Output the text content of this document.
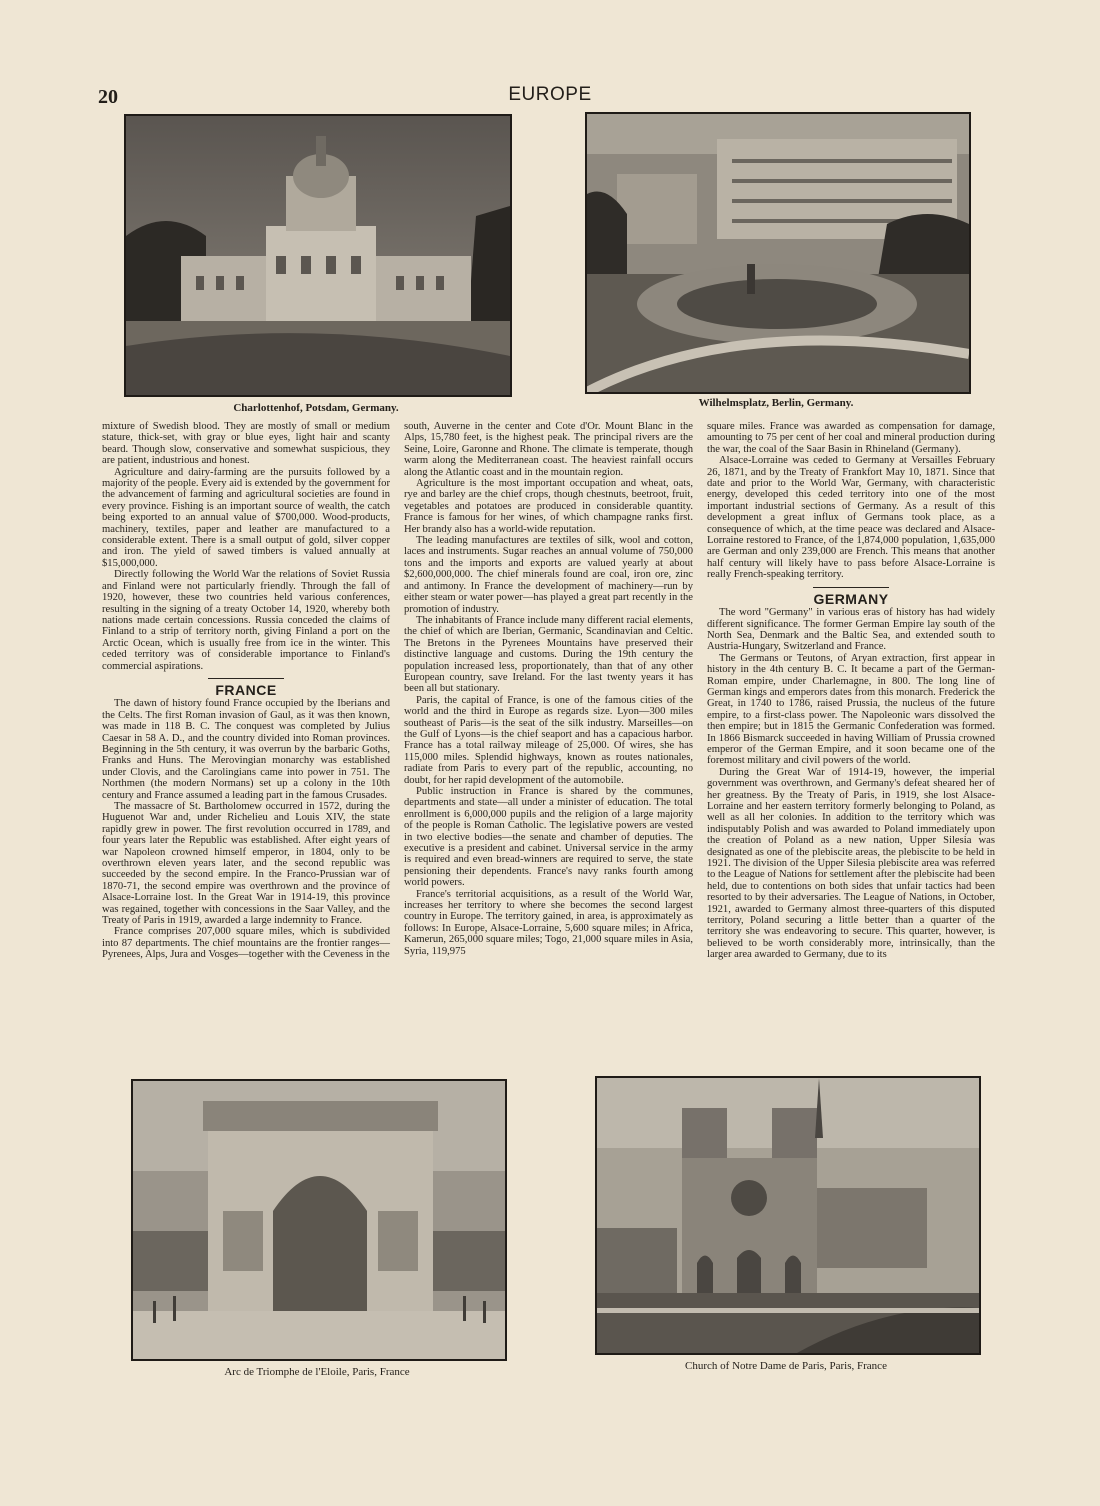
20	EUROPE
Charlottenhof, Potsdam, Germany.	Wilhelmsplatz, Berlin, Germany.

mixture of Swedish blood. They are mostly of small or medium stature, thick-set, with gray or blue eyes, light hair and scanty beard. Though slow, conservative and somewhat suspicious, they are patient, industrious and honest.

Agriculture and dairy-farming are the pursuits followed by a majority of the people. Every aid is extended by the government for the advancement of farming and agricultural societies are found in every province. Fishing is an important source of wealth, the catch being exported to an annual value of $700,000. Wood-products, machinery, textiles, paper and leather are manufactured to a considerable extent. There is a small output of gold, silver copper and iron. The yield of sawed timbers is valued annually at $15,000,000.

Directly following the World War the relations of Soviet Russia and Finland were not particularly friendly. Through the fall of 1920, however, these two countries held various conferences, resulting in the signing of a treaty October 14, 1920, whereby both nations made certain concessions. Russia conceded the claims of Finland to a strip of territory north, giving Finland a port on the Arctic Ocean, which is usually free from ice in the winter. This ceded territory was of considerable importance to Finland's commercial aspirations.

FRANCE

The dawn of history found France occupied by the Iberians and the Celts. The first Roman invasion of Gaul, as it was then known, was made in 118 B. C. The conquest was completed by Julius Caesar in 58 A. D., and the country divided into Roman provinces. Beginning in the 5th century, it was overrun by the barbaric Goths, Franks and Huns. The Merovingian monarchy was established under Clovis, and the Carolingians came into power in 751. The Northmen (the modern Normans) set up a colony in the 10th century and France assumed a leading part in the famous Crusades.

The massacre of St. Bartholomew occurred in 1572, during the Huguenot War and, under Richelieu and Louis XIV, the state rapidly grew in power. The first revolution occurred in 1789, and four years later the Republic was established. After eight years of war Napoleon crowned himself emperor, in 1804, only to be overthrown eleven years later, and the second republic was succeeded by the second empire. In the Franco-Prussian war of 1870-71, the second empire was overthrown and the province of Alsace-Lorraine lost. In the Great War in 1914-19, this province was regained, together with concessions in the Saar Valley, and the Treaty of Paris in 1919, awarded a large indemnity to France.

France comprises 207,000 square miles, which is subdivided into 87 departments. The chief mountains are the frontier ranges—Pyrenees, Alps, Jura and Vosges—together with the Ceveness in the

south, Auverne in the center and Cote d'Or. Mount Blanc in the Alps, 15,780 feet, is the highest peak. The principal rivers are the Seine, Loire, Garonne and Rhone. The climate is temperate, though warm along the Mediterranean coast. The heaviest rainfall occurs along the Atlantic coast and in the mountain region.

Agriculture is the most important occupation and wheat, oats, rye and barley are the chief crops, though chestnuts, beetroot, fruit, vegetables and potatoes are produced in considerable quantity. France is famous for her wines, of which champagne ranks first. Her brandy also has a world-wide reputation.

The leading manufactures are textiles of silk, wool and cotton, laces and instruments. Sugar reaches an annual volume of 750,000 tons and the imports and exports are valued yearly at about $2,600,000,000. The chief minerals found are coal, iron ore, zinc and antimony. In France the development of machinery—run by either steam or water power—has played a great part recently in the promotion of industry.

The inhabitants of France include many different racial elements, the chief of which are Iberian, Germanic, Scandinavian and Celtic. The Bretons in the Pyrenees Mountains have preserved their distinctive language and customs. During the 19th century the population increased less, proportionately, than that of any other European country, save Ireland. For the last twenty years it has been all but stationary.

Paris, the capital of France, is one of the famous cities of the world and the third in Europe as regards size. Lyon—300 miles southeast of Paris—is the seat of the silk industry. Marseilles—on the Gulf of Lyons—is the chief seaport and has a capacious harbor. France has a total railway mileage of 25,000. Of wires, she has 115,000 miles. Splendid highways, known as routes nationales, radiate from Paris to every part of the republic, accounting, no doubt, for her rapid development of the automobile.

Public instruction in France is shared by the communes, departments and state—all under a minister of education. The total enrollment is 6,000,000 pupils and the religion of a large majority of the people is Roman Catholic. The legislative powers are vested in two elective bodies—the senate and chamber of deputies. The executive is a president and cabinet. Universal service in the army is required and even bread-winners are required to serve, the state pensioning their dependents. France's navy ranks fourth among world powers.

France's territorial acquisitions, as a result of the World War, increases her territory to where she becomes the second largest country in Europe. The territory gained, in area, is approximately as follows: In Europe, Alsace-Lorraine, 5,600 square miles; in Africa, Kamerun, 265,000 square miles; Togo, 21,000 square miles in Asia, Syria, 119,975

square miles. France was awarded as compensation for damage, amounting to 75 per cent of her coal and mineral production during the war, the coal of the Saar Basin in Rhineland (Germany).

Alsace-Lorraine was ceded to Germany at Versailles February 26, 1871, and by the Treaty of Frankfort May 10, 1871. Since that date and prior to the World War, Germany, with characteristic energy, developed this ceded territory into one of the most important industrial sections of Germany. As a result of this development a great influx of Germans took place, as a consequence of which, at the time peace was declared and Alsace-Lorraine restored to France, of the 1,874,000 population, 1,635,000 are German and only 239,000 are French. This means that another half century will likely have to pass before Alsace-Lorraine is really French-speaking territory.

GERMANY

The word "Germany" in various eras of history has had widely different significance. The former German Empire lay south of the North Sea, Denmark and the Baltic Sea, and extended south to Austria-Hungary, Switzerland and France.

The Germans or Teutons, of Aryan extraction, first appear in history in the 4th century B. C. It became a part of the German-Roman empire, under Charlemagne, in 800. The long line of German kings and emperors dates from this monarch. Frederick the Great, in 1740 to 1786, raised Prussia, the nucleus of the future empire, to a first-class power. The Napoleonic wars dissolved the then empire; but in 1815 the Germanic Confederation was formed. In 1866 Bismarck succeeded in having William of Prussia crowned emperor of the German Empire, and it soon became one of the foremost military and civil powers of the world.

During the Great War of 1914-19, however, the imperial government was overthrown, and Germany's defeat sheared her of her greatness. By the Treaty of Paris, in 1919, she lost Alsace-Lorraine and her eastern territory formerly belonging to Poland, as well as all her colonies. In addition to the territory which was indisputably Polish and was awarded to Poland immediately upon the creation of Poland as a new nation, Upper Silesia was designated as one of the plebiscite areas, the plebiscite to be held in 1921. The division of the Upper Silesia plebiscite area was referred to the League of Nations for settlement after the plebiscite had been held, due to contentions on both sides that unfair tactics had been resorted to by their adversaries. The League of Nations, in October, 1921, awarded to Germany almost three-quarters of this disputed territory, Poland securing a little better than a quarter of the territory she was endeavoring to secure. This quarter, however, is believed to be worth considerably more, intrinsically, than the larger area awarded to Germany, due to its

Arc de Triomphe de l'Eloile, Paris, France	Church of Notre Dame de Paris, Paris, France
